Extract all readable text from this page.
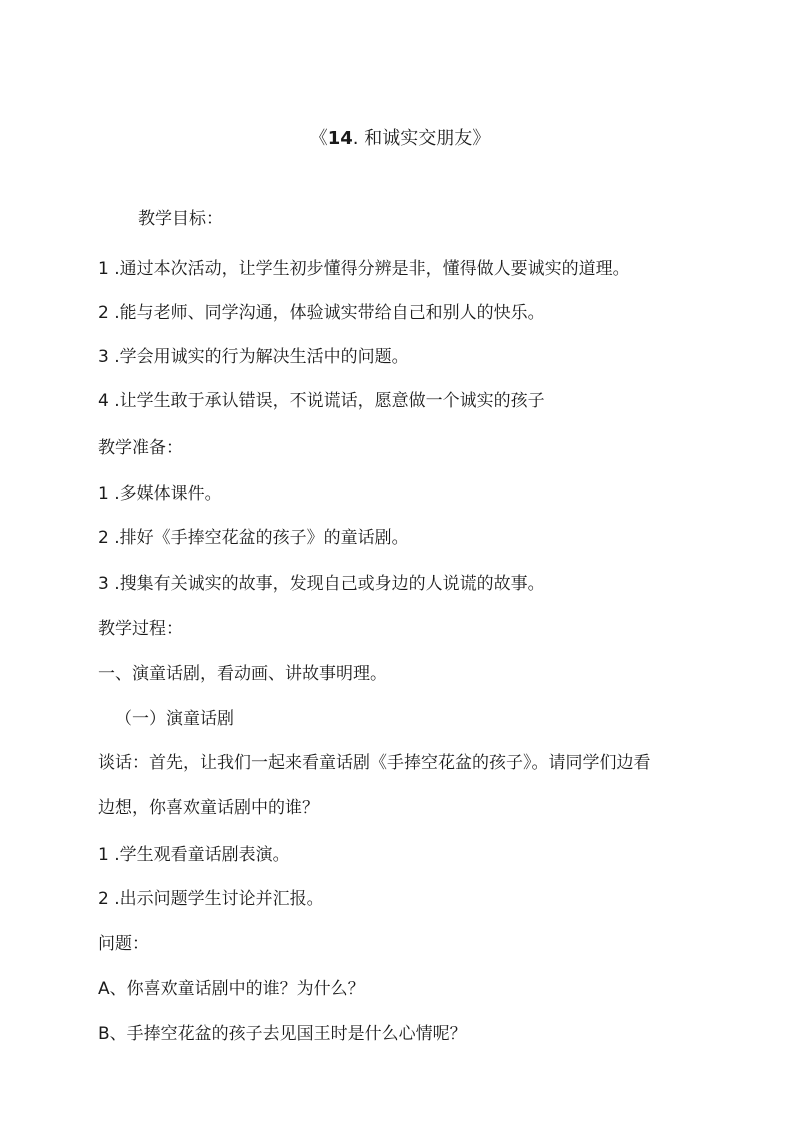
《14. 和诚实交朋友》
教学目标：
1 .通过本次活动，让学生初步懂得分辨是非，懂得做人要诚实的道理。
2 .能与老师、同学沟通，体验诚实带给自己和别人的快乐。
3 .学会用诚实的行为解决生活中的问题。
4 .让学生敢于承认错误，不说谎话，愿意做一个诚实的孩子
教学准备：
1 .多媒体课件。
2 .排好《手捧空花盆的孩子》的童话剧。
3 .搜集有关诚实的故事，发现自己或身边的人说谎的故事。
教学过程：
一、演童话剧，看动画、讲故事明理。
（一）演童话剧
谈话：首先，让我们一起来看童话剧《手捧空花盆的孩子》。请同学们边看
边想，你喜欢童话剧中的谁？
1 .学生观看童话剧表演。
2 .出示问题学生讨论并汇报。
问题：
A、你喜欢童话剧中的谁？为什么？
B、手捧空花盆的孩子去见国王时是什么心情呢？
